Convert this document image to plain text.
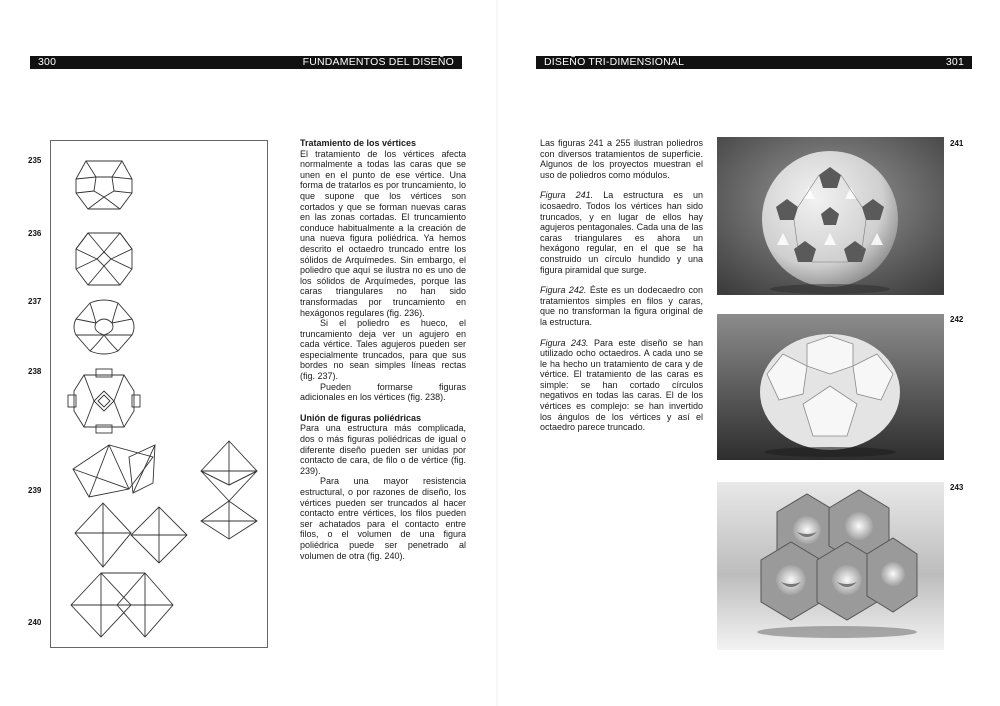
300	FUNDAMENTOS DEL DISEÑO
235
236
237
238
239
240

Tratamiento de los vértices

El tratamiento de los vértices afecta normalmente a todas las caras que se unen en el punto de ese vértice. Una forma de tratarlos es por truncamiento, lo que supone que los vértices son cortados y que se forman nuevas caras en las zonas cortadas. El truncamiento conduce habitualmente a la creación de una nueva figura poliédrica. Ya hemos descrito el octaedro truncado entre los sólidos de Arquímedes. Sin embargo, el poliedro que aquí se ilustra no es uno de los sólidos de Arquímedes, porque las caras triangulares no han sido transformadas por truncamiento en hexágonos regulares (fig. 236).

Si el poliedro es hueco, el truncamiento deja ver un agujero en cada vértice. Tales agujeros pueden ser especialmente truncados, para que sus bordes no sean simples líneas rectas (fig. 237).

Pueden formarse figuras adicionales en los vértices (fig. 238).

Unión de figuras poliédricas

Para una estructura más complicada, dos o más figuras poliédricas de igual o diferente diseño pueden ser unidas por contacto de cara, de filo o de vértice (fig. 239).

Para una mayor resistencia estructural, o por razones de diseño, los vértices pueden ser truncados al hacer contacto entre vértices, los filos pueden ser achatados para el contacto entre filos, o el volumen de una figura poliédrica puede ser penetrado al volumen de otra (fig. 240).

DISEÑO TRI-DIMENSIONAL	301

Las figuras 241 a 255 ilustran poliedros con diversos tratamientos de superficie. Algunos de los proyectos muestran el uso de poliedros como módulos.

Figura 241. La estructura es un icosaedro. Todos los vértices han sido truncados, y en lugar de ellos hay agujeros pentagonales. Cada una de las caras triangulares es ahora un hexágono regular, en el que se ha construido un círculo hundido y una figura piramidal que surge.

Figura 242. Éste es un dodecaedro con tratamientos simples en filos y caras, que no transforman la figura original de la estructura.

Figura 243. Para este diseño se han utilizado ocho octaedros. A cada uno se le ha hecho un tratamiento de cara y de vértice. El tratamiento de las caras es simple: se han cortado círculos negativos en todas las caras. El de los vértices es complejo: se han invertido los ángulos de los vértices y así el octaedro parece truncado.

241
242
243
